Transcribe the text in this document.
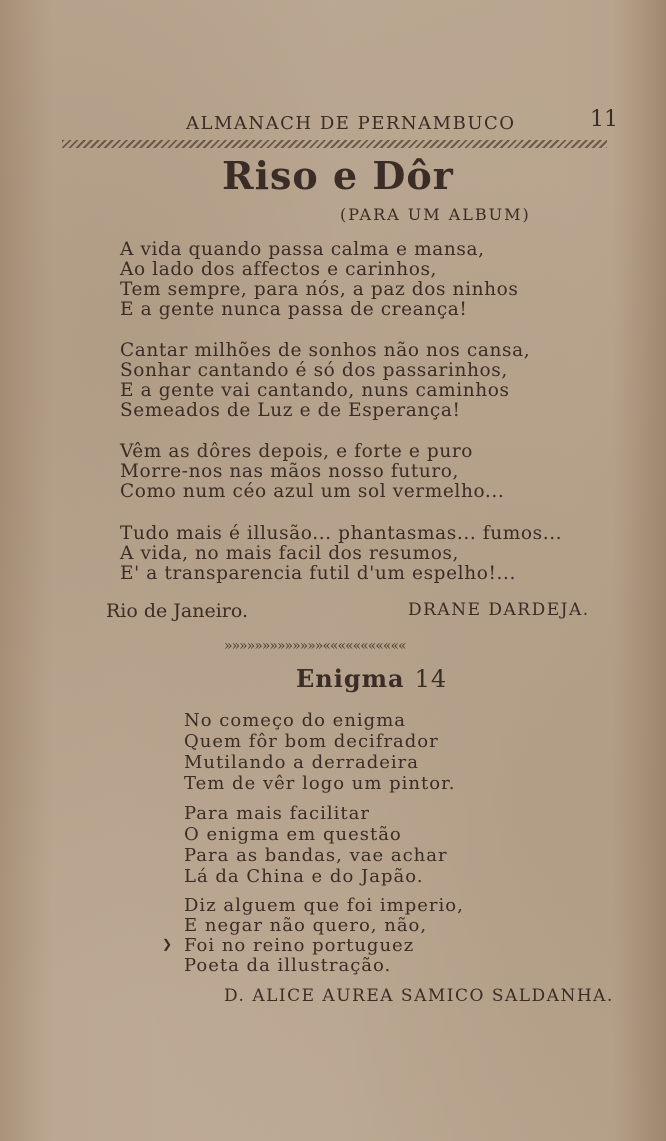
ALMANACH DE PERNAMBUCO	11
Riso e Dôr
(PARA UM ALBUM)
A vida quando passa calma e mansa,
Ao lado dos affectos e carinhos,
Tem sempre, para nós, a paz dos ninhos
E a gente nunca passa de creança!
Cantar milhões de sonhos não nos cansa,
Sonhar cantando é só dos passarinhos,
E a gente vai cantando, nuns caminhos
Semeados de Luz e de Esperança!
Vêm as dôres depois, e forte e puro
Morre-nos nas mãos nosso futuro,
Como num céo azul um sol vermelho...
Tudo mais é illusão... phantasmas... fumos...
A vida, no mais facil dos resumos,
E' a transparencia futil d'um espelho!...
Rio de Janeiro.	DRANE DARDEJA.
»»»»»»»»»»»»»«««««««««««
Enigma 14
No começo do enigma
Quem fôr bom decifrador
Mutilando a derradeira
Tem de vêr logo um pintor.
Para mais facilitar
O enigma em questão
Para as bandas, vae achar
Lá da China e do Japão.
Diz alguem que foi imperio,
E negar não quero, não,
Foi no reino portuguez
Poeta da illustração.
❯
D. ALICE AUREA SAMICO SALDANHA.
